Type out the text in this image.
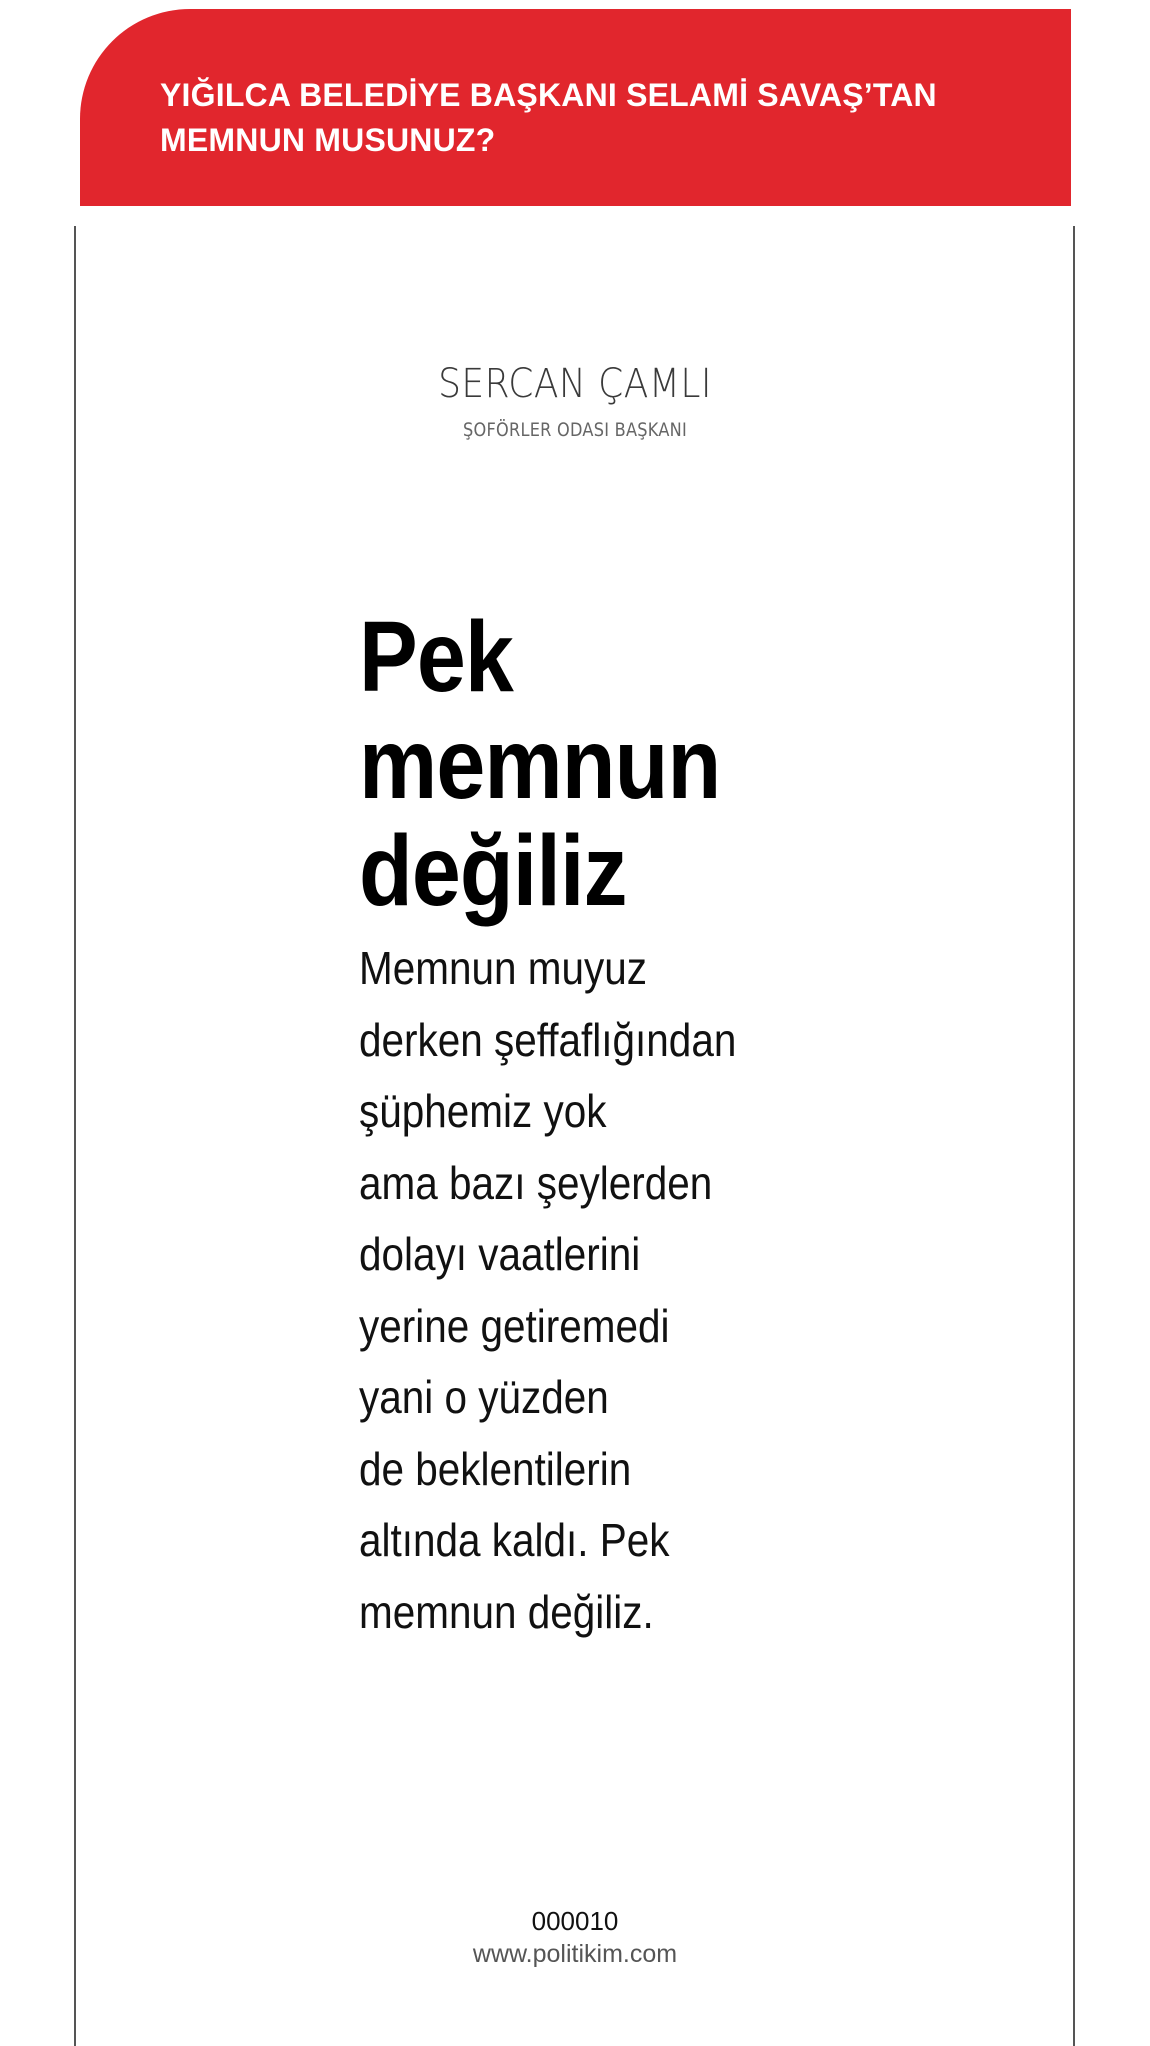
YIĞILCA BELEDİYE BAŞKANI SELAMİ SAVAŞ’TAN
MEMNUN MUSUNUZ?

SERCAN ÇAMLI
ŞOFÖRLER ODASI BAŞKANI
Pek
memnun
değiliz

Memnun muyuz
derken şeffaflığından
şüphemiz yok
ama bazı şeylerden
dolayı vaatlerini
yerine getiremedi
yani o yüzden
de beklentilerin
altında kaldı. Pek
memnun değiliz.

000010
www.politikim.com
